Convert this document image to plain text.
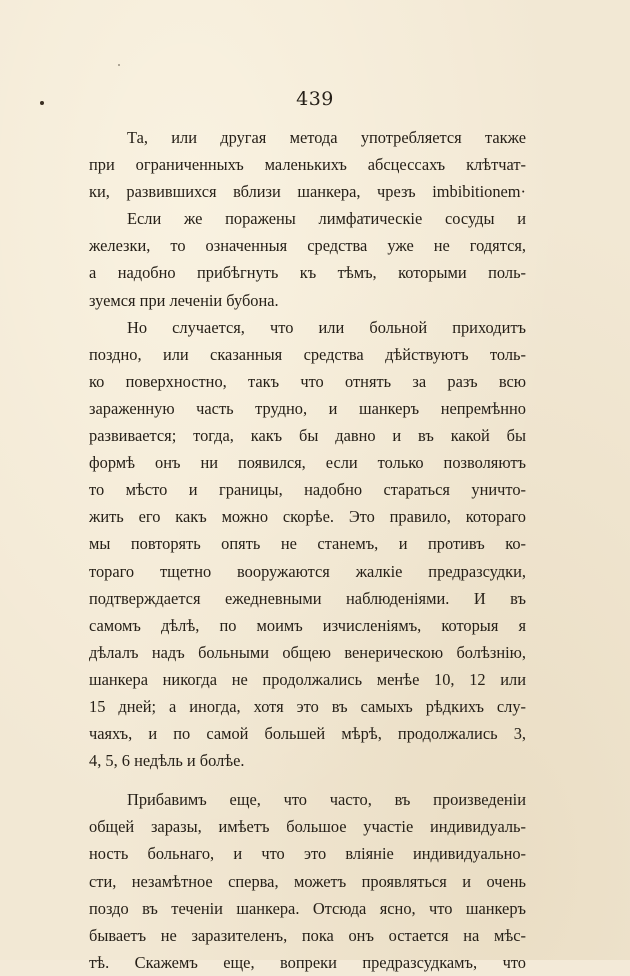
439
Та, или другая метода употребляется также
при ограниченныхъ маленькихъ абсцессахъ клѣтчат-
ки, развившихся вблизи шанкера, чрезъ imbibitionem·
Если же поражены лимфатическіе сосуды и
железки, то означенныя средства уже не годятся,
а надобно прибѣгнуть къ тѣмъ, которыми поль-
зуемся при леченіи бубона.
Но случается, что или больной приходитъ
поздно, или сказанныя средства дѣйствуютъ толь-
ко поверхностно, такъ что отнять за разъ всю
зараженную часть трудно, и шанкеръ непремѣнно
развивается; тогда, какъ бы давно и въ какой бы
формѣ онъ ни появился, если только позволяютъ
то мѣсто и границы, надобно стараться уничто-
жить его какъ можно скорѣе. Это правило, котораго
мы повторять опять не станемъ, и противъ ко-
тораго тщетно вооружаются жалкіе предразсудки,
подтверждается ежедневными наблюденіями. И въ
самомъ дѣлѣ, по моимъ изчисленіямъ, которыя я
дѣлалъ надъ больными общею венерическою болѣзнію,
шанкера никогда не продолжались менѣе 10, 12 или
15 дней; а иногда, хотя это въ самыхъ рѣдкихъ слу-
чаяхъ, и по самой большей мѣрѣ, продолжались 3,
4, 5, 6 недѣль и болѣе.
Прибавимъ еще, что часто, въ произведеніи
общей заразы, имѣетъ большое участіе индивидуаль-
ность больнаго, и что это вліяніе индивидуально-
сти, незамѣтное сперва, можетъ проявляться и очень
поздо въ теченіи шанкера. Отсюда ясно, что шанкеръ
бываетъ не заразителенъ, пока онъ остается на мѣс-
тѣ. Скажемъ еще, вопреки предразсудкамъ, что
